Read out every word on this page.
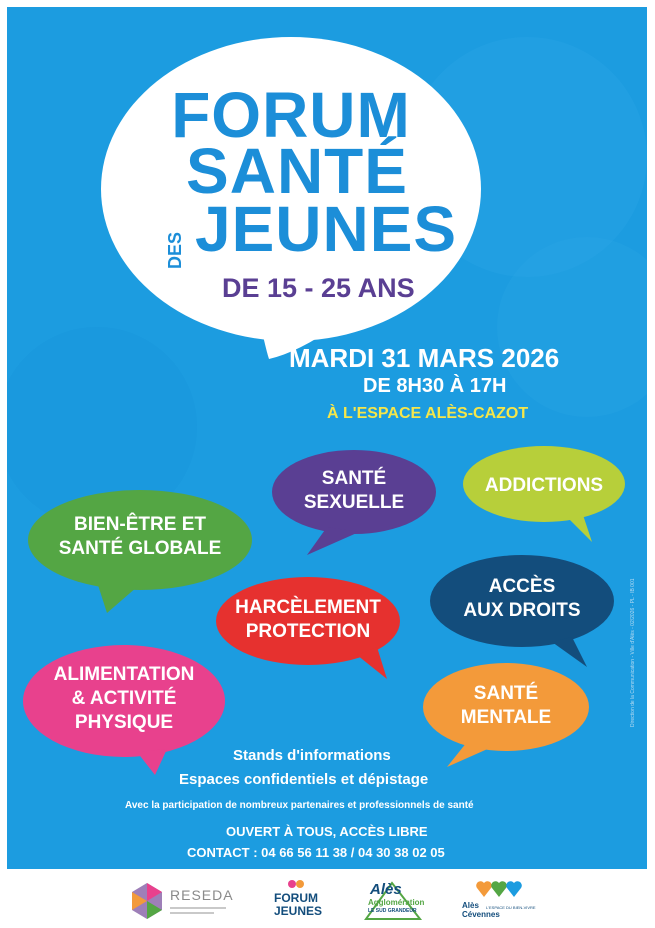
FORUM
SANTÉ
DES JEUNES
DE 15 - 25 ANS
MARDI 31 MARS 2026
DE 8H30 À 17H
À L'ESPACE ALÈS-CAZOT
SANTÉ
SEXUELLE
ADDICTIONS
BIEN-ÊTRE ET
SANTÉ GLOBALE
ACCÈS
AUX DROITS
HARCÈLEMENT
PROTECTION
ALIMENTATION
& ACTIVITÉ
PHYSIQUE
SANTÉ
MENTALE
Stands d'informations
Espaces confidentiels et dépistage
Avec la participation de nombreux partenaires et professionnels de santé
OUVERT À TOUS, ACCÈS LIBRE
CONTACT : 04 66 56 11 38 / 04 30 38 02 05
Direction de la Communication - Ville d'Alès - 02/2026 - PL - IB 001
RESEDA	FORUM
JEUNES
Alès
Agglomération
LE SUD GRANDEUR
Alès
Cévennes
L'ESPACE DU BIEN-VIVRE
